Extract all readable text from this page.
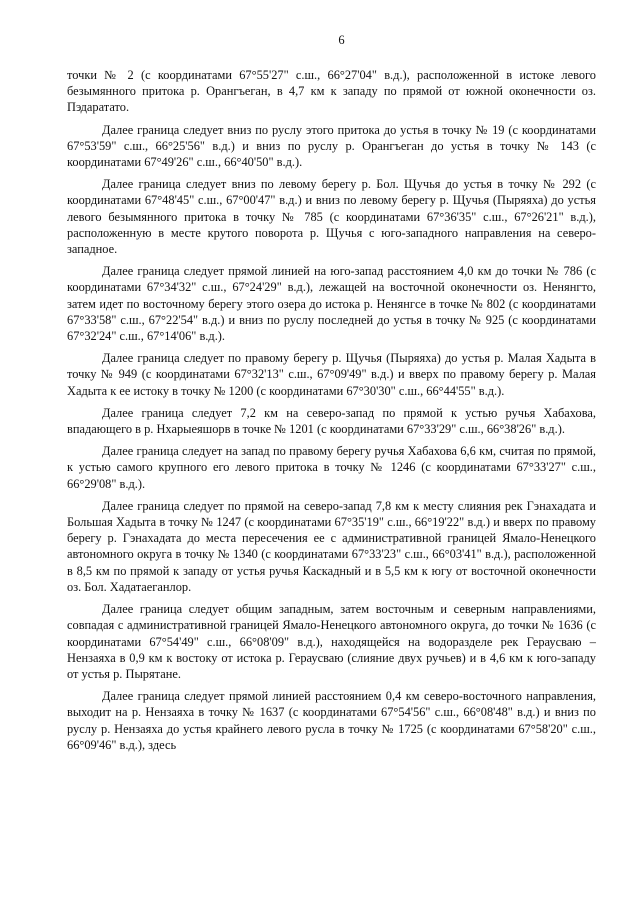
6

точки № 2 (с координатами 67°55'27" с.ш., 66°27'04" в.д.), расположенной в истоке левого безымянного притока р. Орангъеган, в 4,7 км к западу по прямой от южной оконечности оз. Пэдаратато.

Далее граница следует вниз по руслу этого притока до устья в точку № 19 (с координатами 67°53'59" с.ш., 66°25'56" в.д.) и вниз по руслу р. Орангъеган до устья в точку № 143 (с координатами 67°49'26" с.ш., 66°40'50" в.д.).

Далее граница следует вниз по левому берегу р. Бол. Щучья до устья в точку № 292 (с координатами 67°48'45" с.ш., 67°00'47" в.д.) и вниз по левому берегу р. Щучья (Пыряяха) до устья левого безымянного притока в точку № 785 (с координатами 67°36'35" с.ш., 67°26'21" в.д.), расположенную в месте крутого поворота р. Щучья с юго-западного направления на северо-западное.

Далее граница следует прямой линией на юго-запад расстоянием 4,0 км до точки № 786 (с координатами 67°34'32" с.ш., 67°24'29" в.д.), лежащей на восточной оконечности оз. Ненянгто, затем идет по восточному берегу этого озера до истока р. Ненянгсе в точке № 802 (с координатами 67°33'58" с.ш., 67°22'54" в.д.) и вниз по руслу последней до устья в точку № 925 (с координатами 67°32'24" с.ш., 67°14'06" в.д.).

Далее граница следует по правому берегу р. Щучья (Пыряяха) до устья р. Малая Хадыта в точку № 949 (с координатами 67°32'13" с.ш., 67°09'49" в.д.) и вверх по правому берегу р. Малая Хадыта к ее истоку в точку № 1200 (с координатами 67°30'30" с.ш., 66°44'55" в.д.).

Далее граница следует 7,2 км на северо-запад по прямой к устью ручья Хабахова, впадающего в р. Нхарыеяшорв в точке № 1201 (с координатами 67°33'29" с.ш., 66°38'26" в.д.).

Далее граница следует на запад по правому берегу ручья Хабахова 6,6 км, считая по прямой, к устью самого крупного его левого притока в точку № 1246 (с координатами 67°33'27" с.ш., 66°29'08" в.д.).

Далее граница следует по прямой на северо-запад 7,8 км к месту слияния рек Гэнахадата и Большая Хадыта в точку № 1247 (с координатами 67°35'19" с.ш., 66°19'22" в.д.) и вверх по правому берегу р. Гэнахадата до места пересечения ее с административной границей Ямало-Ненецкого автономного округа в точку № 1340 (с координатами 67°33'23" с.ш., 66°03'41" в.д.), расположенной в 8,5 км по прямой к западу от устья ручья Каскадный и в 5,5 км к югу от восточной оконечности оз. Бол. Хадатаеганлор.

Далее граница следует общим западным, затем восточным и северным направлениями, совпадая с административной границей Ямало-Ненецкого автономного округа, до точки № 1636 (с координатами 67°54'49" с.ш., 66°08'09" в.д.), находящейся на водоразделе рек Гераусваю – Нензаяха в 0,9 км к востоку от истока р. Гераусваю (слияние двух ручьев) и в 4,6 км к юго-западу от устья р. Пырятане.

Далее граница следует прямой линией расстоянием 0,4 км северо-восточного направления, выходит на р. Нензаяха в точку № 1637 (с координатами 67°54'56" с.ш., 66°08'48" в.д.) и вниз по руслу р. Нензаяха до устья крайнего левого русла в точку № 1725 (с координатами 67°58'20" с.ш., 66°09'46" в.д.), здесь
